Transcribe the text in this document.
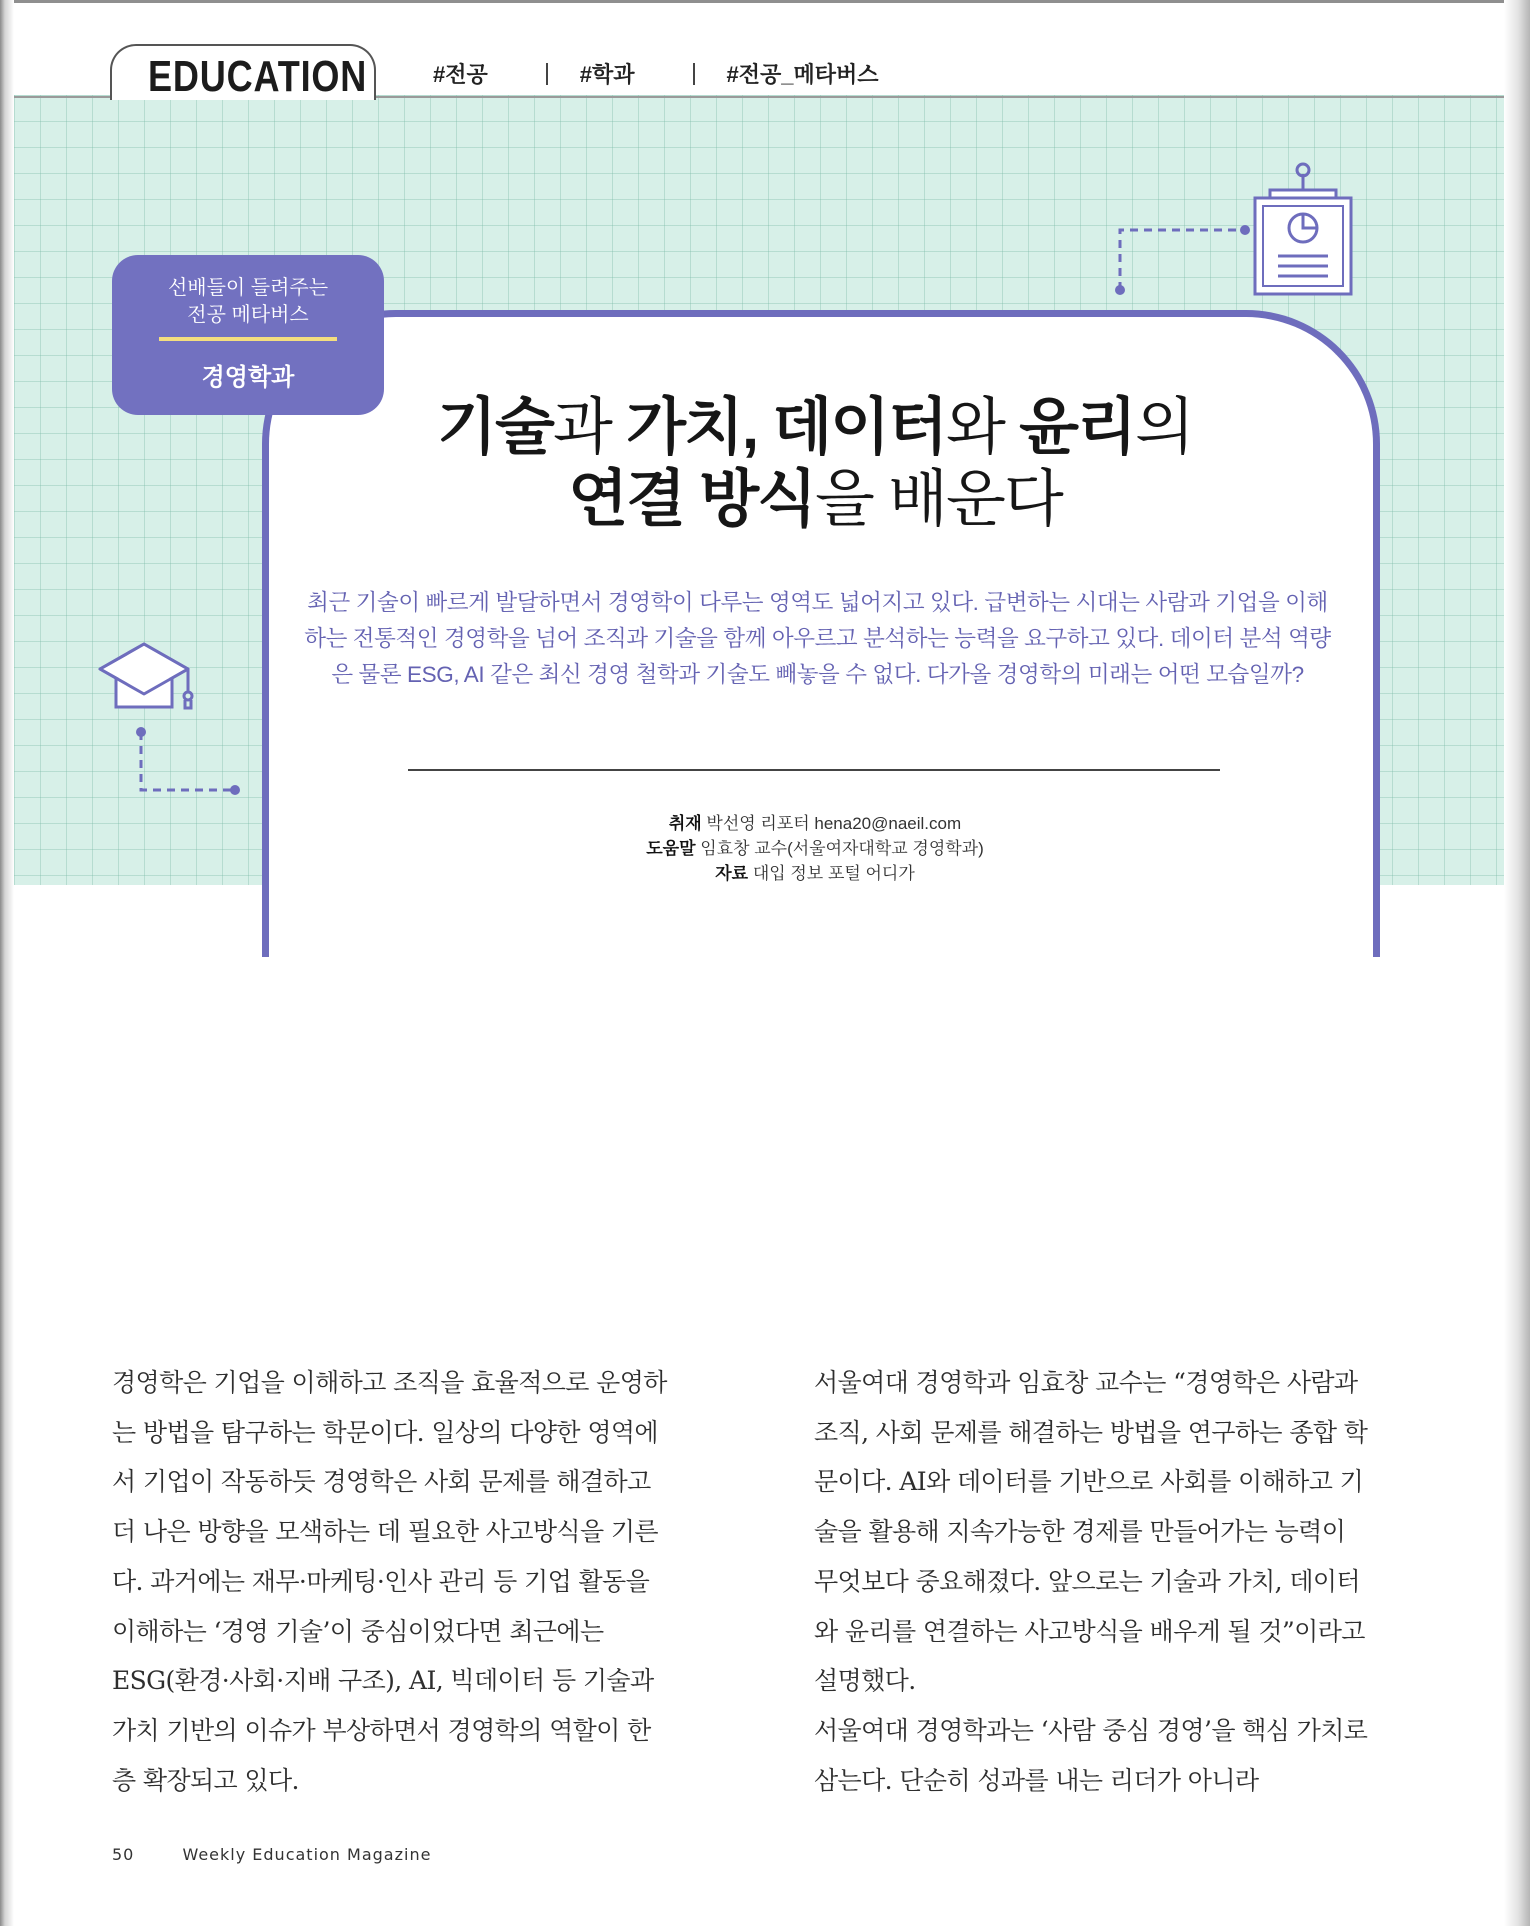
EDUCATION	#전공	#학과	#전공_메타버스
선배들이 들려주는
전공 메타버스
경영학과
기술과 가치, 데이터와 윤리의
연결 방식을 배운다
최근 기술이 빠르게 발달하면서 경영학이 다루는 영역도 넓어지고 있다. 급변하는 시대는 사람과 기업을 이해하는 전통적인 경영학을 넘어 조직과 기술을 함께 아우르고 분석하는 능력을 요구하고 있다. 데이터 분석 역량은 물론 ESG, AI 같은 최신 경영 철학과 기술도 빼놓을 수 없다. 다가올 경영학의 미래는 어떤 모습일까?
취재 박선영 리포터 hena20@naeil.com
도움말 임효창 교수(서울여자대학교 경영학과)
자료 대입 정보 포털 어디가

경영학은 기업을 이해하고 조직을 효율적으로 운영하는 방법을 탐구하는 학문이다. 일상의 다양한 영역에서 기업이 작동하듯 경영학은 사회 문제를 해결하고 더 나은 방향을 모색하는 데 필요한 사고방식을 기른다. 과거에는 재무·마케팅·인사 관리 등 기업 활동을 이해하는 ‘경영 기술’이 중심이었다면 최근에는 ESG(환경·사회·지배 구조), AI, 빅데이터 등 기술과 가치 기반의 이슈가 부상하면서 경영학의 역할이 한층 확장되고 있다.

서울여대 경영학과 임효창 교수는 “경영학은 사람과 조직, 사회 문제를 해결하는 방법을 연구하는 종합 학문이다. AI와 데이터를 기반으로 사회를 이해하고 기술을 활용해 지속가능한 경제를 만들어가는 능력이 무엇보다 중요해졌다. 앞으로는 기술과 가치, 데이터와 윤리를 연결하는 사고방식을 배우게 될 것”이라고 설명했다.

서울여대 경영학과는 ‘사람 중심 경영’을 핵심 가치로 삼는다. 단순히 성과를 내는 리더가 아니라

50	Weekly Education Magazine
